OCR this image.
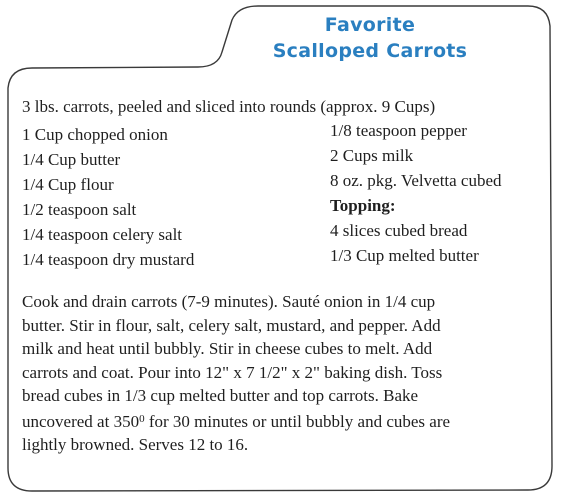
Favorite
Scalloped Carrots
3 lbs. carrots, peeled and sliced into rounds (approx. 9 Cups)
1 Cup chopped onion
1/4 Cup butter
1/4 Cup flour
1/2 teaspoon salt
1/4 teaspoon celery salt
1/4 teaspoon dry mustard
1/8 teaspoon pepper
2 Cups milk
8 oz. pkg. Velvetta cubed
Topping:
4 slices cubed bread
1/3 Cup melted butter
Cook and drain carrots (7-9 minutes). Sauté onion in 1/4 cup
butter. Stir in flour, salt, celery salt, mustard, and pepper. Add
milk and heat until bubbly. Stir in cheese cubes to melt. Add
carrots and coat. Pour into 12" x 7 1/2" x 2" baking dish. Toss
bread cubes in 1/3 cup melted butter and top carrots. Bake
uncovered at $350^0$ for 30 minutes or until bubbly and cubes are
lightly browned. Serves 12 to 16.
